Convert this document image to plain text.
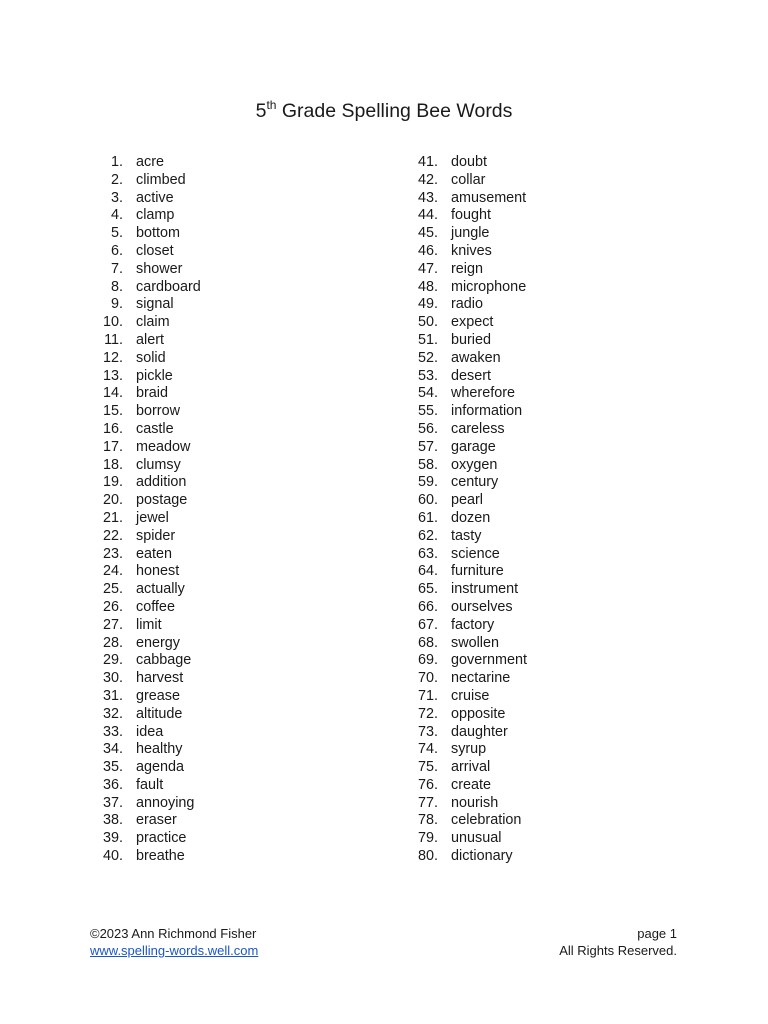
5th Grade Spelling Bee Words
1. acre
2. climbed
3. active
4. clamp
5. bottom
6. closet
7. shower
8. cardboard
9. signal
10. claim
11. alert
12. solid
13. pickle
14. braid
15. borrow
16. castle
17. meadow
18. clumsy
19. addition
20. postage
21. jewel
22. spider
23. eaten
24. honest
25. actually
26. coffee
27. limit
28. energy
29. cabbage
30. harvest
31. grease
32. altitude
33. idea
34. healthy
35. agenda
36. fault
37. annoying
38. eraser
39. practice
40. breathe
41. doubt
42. collar
43. amusement
44. fought
45. jungle
46. knives
47. reign
48. microphone
49. radio
50. expect
51. buried
52. awaken
53. desert
54. wherefore
55. information
56. careless
57. garage
58. oxygen
59. century
60. pearl
61. dozen
62. tasty
63. science
64. furniture
65. instrument
66. ourselves
67. factory
68. swollen
69. government
70. nectarine
71. cruise
72. opposite
73. daughter
74. syrup
75. arrival
76. create
77. nourish
78. celebration
79. unusual
80. dictionary
©2023 Ann Richmond Fisher
www.spelling-words.well.com
page 1
All Rights Reserved.
